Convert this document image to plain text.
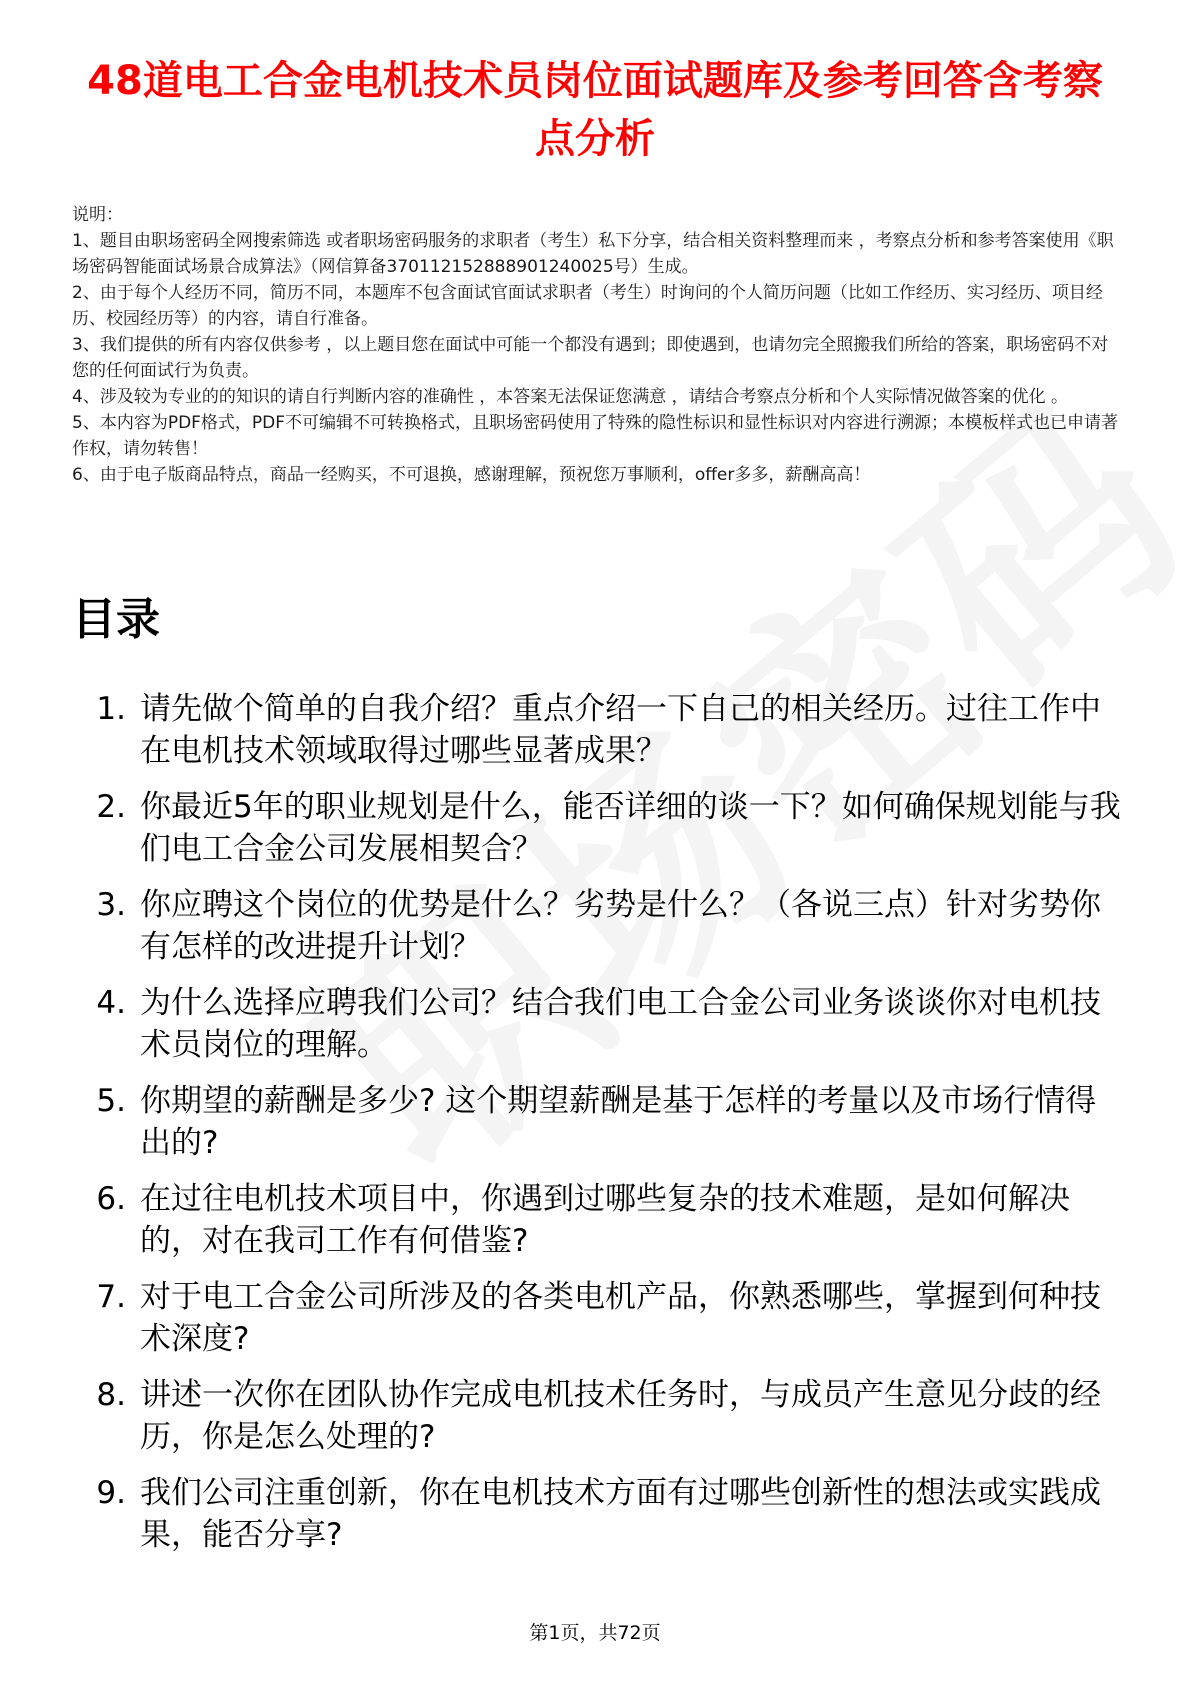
48道电工合金电机技术员岗位面试题库及参考回答含考察点分析

说明：

1、题目由职场密码全网搜索筛选 或者职场密码服务的求职者（考生）私下分享，结合相关资料整理而来 ，考察点分析和参考答案使用《职场密码智能面试场景合成算法》（网信算备370112152888901240025号）生成。

2、由于每个人经历不同，简历不同，本题库不包含面试官面试求职者（考生）时询问的个人简历问题（比如工作经历、实习经历、项目经历、校园经历等）的内容，请自行准备。

3、我们提供的所有内容仅供参考 ，以上题目您在面试中可能一个都没有遇到；即使遇到，也请勿完全照搬我们所给的答案，职场密码不对您的任何面试行为负责。

4、涉及较为专业的的知识的请自行判断内容的准确性 ，本答案无法保证您满意 ，请结合考察点分析和个人实际情况做答案的优化 。

5、本内容为PDF格式，PDF不可编辑不可转换格式，且职场密码使用了特殊的隐性标识和显性标识对内容进行溯源；本模板样式也已申请著作权，请勿转售！

6、由于电子版商品特点，商品一经购买，不可退换，感谢理解，预祝您万事顺利，offer多多，薪酬高高！

目录
1. 请先做个简单的自我介绍？重点介绍一下自己的相关经历。过往工作中在电机技术领域取得过哪些显著成果？
2. 你最近5年的职业规划是什么，能否详细的谈一下？如何确保规划能与我们电工合金公司发展相契合？
3. 你应聘这个岗位的优势是什么？劣势是什么？（各说三点）针对劣势你有怎样的改进提升计划？
4. 为什么选择应聘我们公司？结合我们电工合金公司业务谈谈你对电机技术员岗位的理解。
5. 你期望的薪酬是多少? 这个期望薪酬是基于怎样的考量以及市场行情得出的?
6. 在过往电机技术项目中，你遇到过哪些复杂的技术难题，是如何解决的，对在我司工作有何借鉴?
7. 对于电工合金公司所涉及的各类电机产品，你熟悉哪些，掌握到何种技术深度?
8. 讲述一次你在团队协作完成电机技术任务时，与成员产生意见分歧的经历，你是怎么处理的?
9. 我们公司注重创新，你在电机技术方面有过哪些创新性的想法或实践成果，能否分享?
第1页，共72页
